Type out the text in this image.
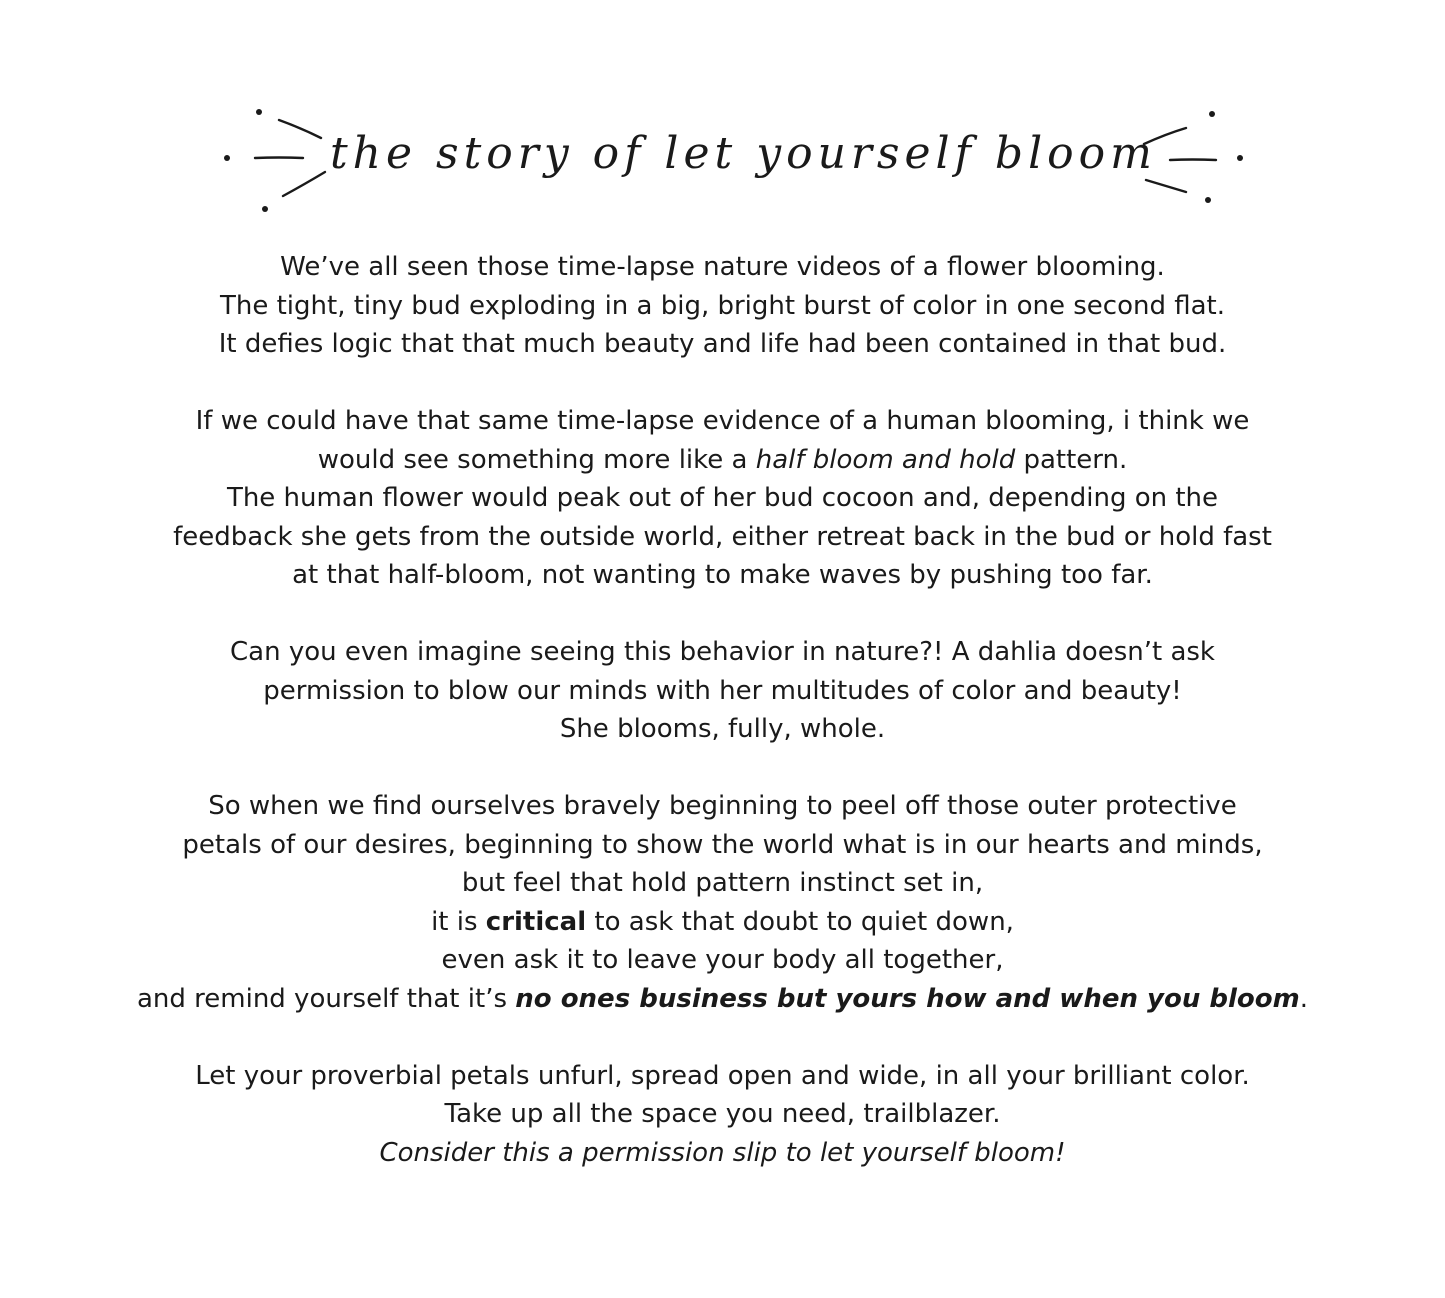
the story of let yourself bloom

We’ve all seen those time-lapse nature videos of a flower blooming.
The tight, tiny bud exploding in a big, bright burst of color in one second flat.
It defies logic that that much beauty and life had been contained in that bud.

If we could have that same time-lapse evidence of a human blooming, i think we
would see something more like a half bloom and hold pattern.
The human flower would peak out of her bud cocoon and, depending on the
feedback she gets from the outside world, either retreat back in the bud or hold fast
at that half-bloom, not wanting to make waves by pushing too far.

Can you even imagine seeing this behavior in nature?! A dahlia doesn’t ask
permission to blow our minds with her multitudes of color and beauty!
She blooms, fully, whole.

So when we find ourselves bravely beginning to peel off those outer protective
petals of our desires, beginning to show the world what is in our hearts and minds,
but feel that hold pattern instinct set in,
it is critical to ask that doubt to quiet down,
even ask it to leave your body all together,
and remind yourself that it’s no ones business but yours how and when you bloom.

Let your proverbial petals unfurl, spread open and wide, in all your brilliant color.
Take up all the space you need, trailblazer.
Consider this a permission slip to let yourself bloom!
